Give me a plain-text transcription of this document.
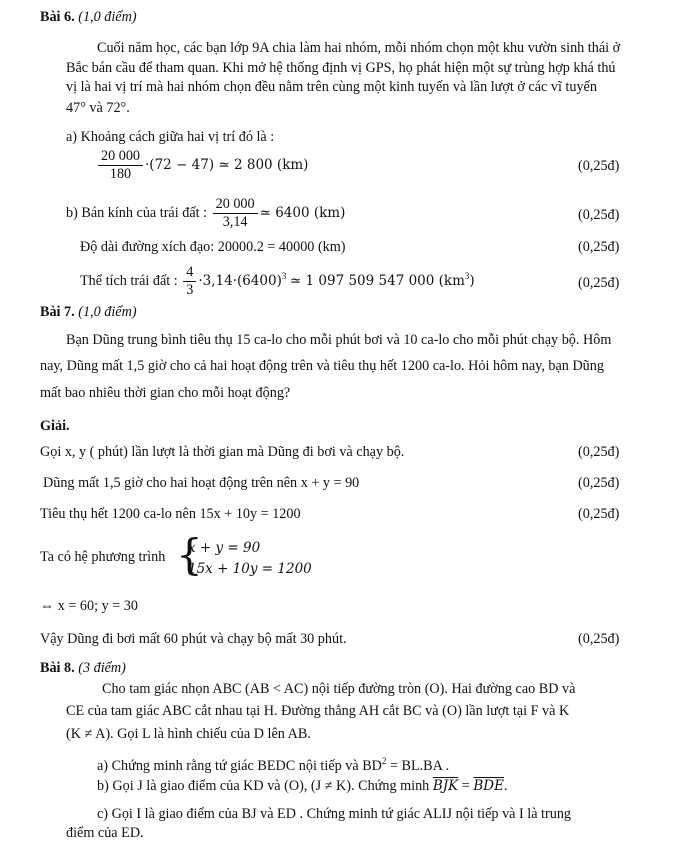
Bài 6. (1,0 điểm)
Cuối năm học, các bạn lớp 9A chia làm hai nhóm, mỗi nhóm chọn một khu vườn sinh thái ở
Bắc bán cầu để tham quan. Khi mở hệ thống định vị GPS, họ phát hiện một sự trùng hợp khá thú
vị là hai vị trí mà hai nhóm chọn đều nằm trên cùng một kinh tuyến và lần lượt ở các vĩ tuyến
47° và 72°.
a) Khoảng cách giữa hai vị trí đó là :
$\frac{20 000}{180} \cdot(72 - 47)$ ≃ 2 800 (km)	(0,25đ)
b) Bán kính của trái đất : $\frac{20 000}{3,14}$ ≃ 6400 (km)	(0,25đ)
Độ dài đường xích đạo: 20000.2 = 40000 (km)	(0,25đ)
Thể tích trái đất : $\frac{4}{3} \cdot 3,14\cdot(6400)^3$ ≃ 1 097 509 547 000 $(km^3)$	(0,25đ)
Bài 7. (1,0 điểm)
Bạn Dũng trung bình tiêu thụ 15 ca-lo cho mỗi phút bơi và 10 ca-lo cho mỗi phút chạy bộ. Hôm
nay, Dũng mất 1,5 giờ cho cả hai hoạt động trên và tiêu thụ hết 1200 ca-lo. Hỏi hôm nay, bạn Dũng
mất bao nhiêu thời gian cho mỗi hoạt động?
Giải.
Gọi x, y ( phút) lần lượt là thời gian mà Dũng đi bơi và chạy bộ.	(0,25đ)
Dũng mất 1,5 giờ cho hai hoạt động trên nên x + y = 90	(0,25đ)
Tiêu thụ hết 1200 ca-lo nên 15x + 10y = 1200	(0,25đ)
Ta có hệ phương trình {
x + y = 90
15x + 10y = 1200
⇔ x = 60; y = 30
Vậy Dũng đi bơi mất 60 phút và chạy bộ mất 30 phút.	(0,25đ)
Bài 8. (3 điểm)
Cho tam giác nhọn ABC (AB < AC) nội tiếp đường tròn (O). Hai đường cao BD và
CE của tam giác ABC cắt nhau tại H. Đường thẳng AH cắt BC và (O) lần lượt tại F và K
(K ≠ A). Gọi L là hình chiếu của D lên AB.
a) Chứng minh rằng tứ giác BEDC nội tiếp và $BD^2 = BL.BA$ .
b) Gọi J là giao điểm của KD và (O), (J ≠ K). Chứng minh $\overline{BJK} = \overline{BDE}$.
c) Gọi I là giao điểm của BJ và ED . Chứng minh tứ giác ALIJ nội tiếp và I là trung
điểm của ED.
